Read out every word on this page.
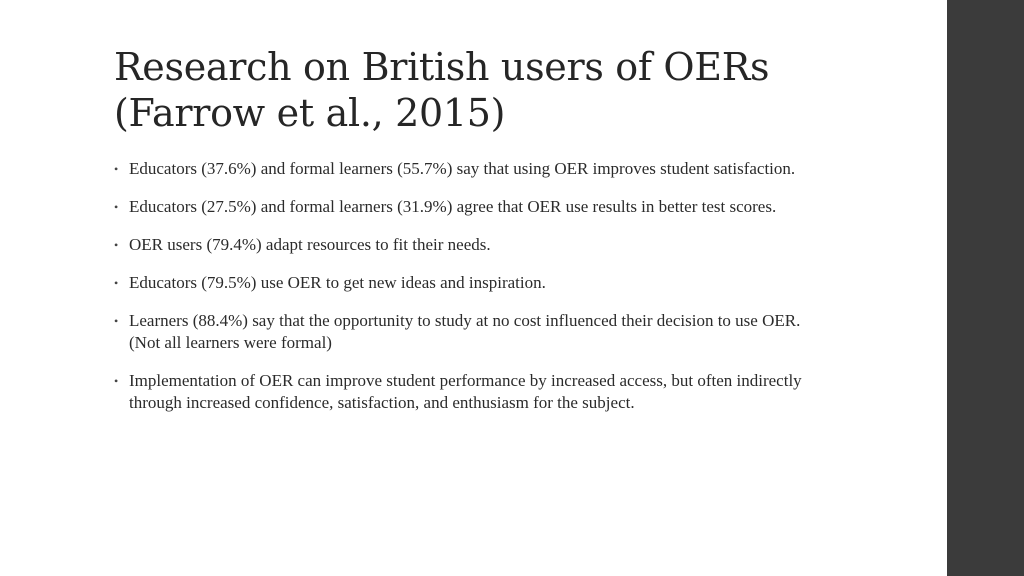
Research on British users of OERs
(Farrow et al., 2015)
• Educators (37.6%) and formal learners (55.7%) say that using OER improves student satisfaction.
• Educators (27.5%) and formal learners (31.9%) agree that OER use results in better test scores.
• OER users (79.4%) adapt resources to fit their needs.
• Educators (79.5%) use OER to get new ideas and inspiration.
• Learners (88.4%) say that the opportunity to study at no cost influenced their decision to use OER. (Not all learners were formal)
• Implementation of OER can improve student performance by increased access, but often indirectly through increased confidence, satisfaction, and enthusiasm for the subject.
